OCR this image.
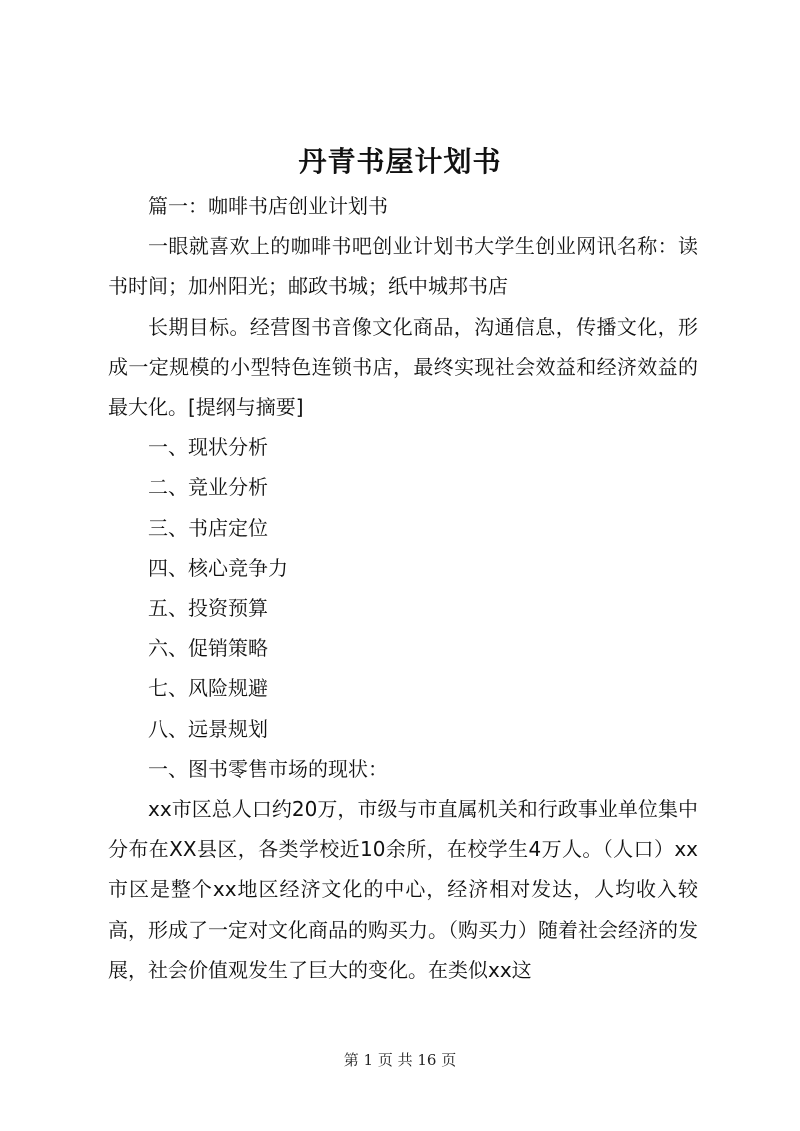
丹青书屋计划书

篇一：咖啡书店创业计划书

一眼就喜欢上的咖啡书吧创业计划书大学生创业网讯名称：读书时间；加州阳光；邮政书城；纸中城邦书店

长期目标。经营图书音像文化商品，沟通信息，传播文化，形成一定规模的小型特色连锁书店，最终实现社会效益和经济效益的最大化。[提纲与摘要]

一、现状分析

二、竞业分析

三、书店定位

四、核心竞争力

五、投资预算

六、促销策略

七、风险规避

八、远景规划

一、图书零售市场的现状：

xx市区总人口约20万，市级与市直属机关和行政事业单位集中分布在XX县区，各类学校近10余所，在校学生4万人。（人口）xx市区是整个xx地区经济文化的中心，经济相对发达，人均收入较高，形成了一定对文化商品的购买力。（购买力）随着社会经济的发展，社会价值观发生了巨大的变化。在类似xx这

第 1 页 共 16 页
